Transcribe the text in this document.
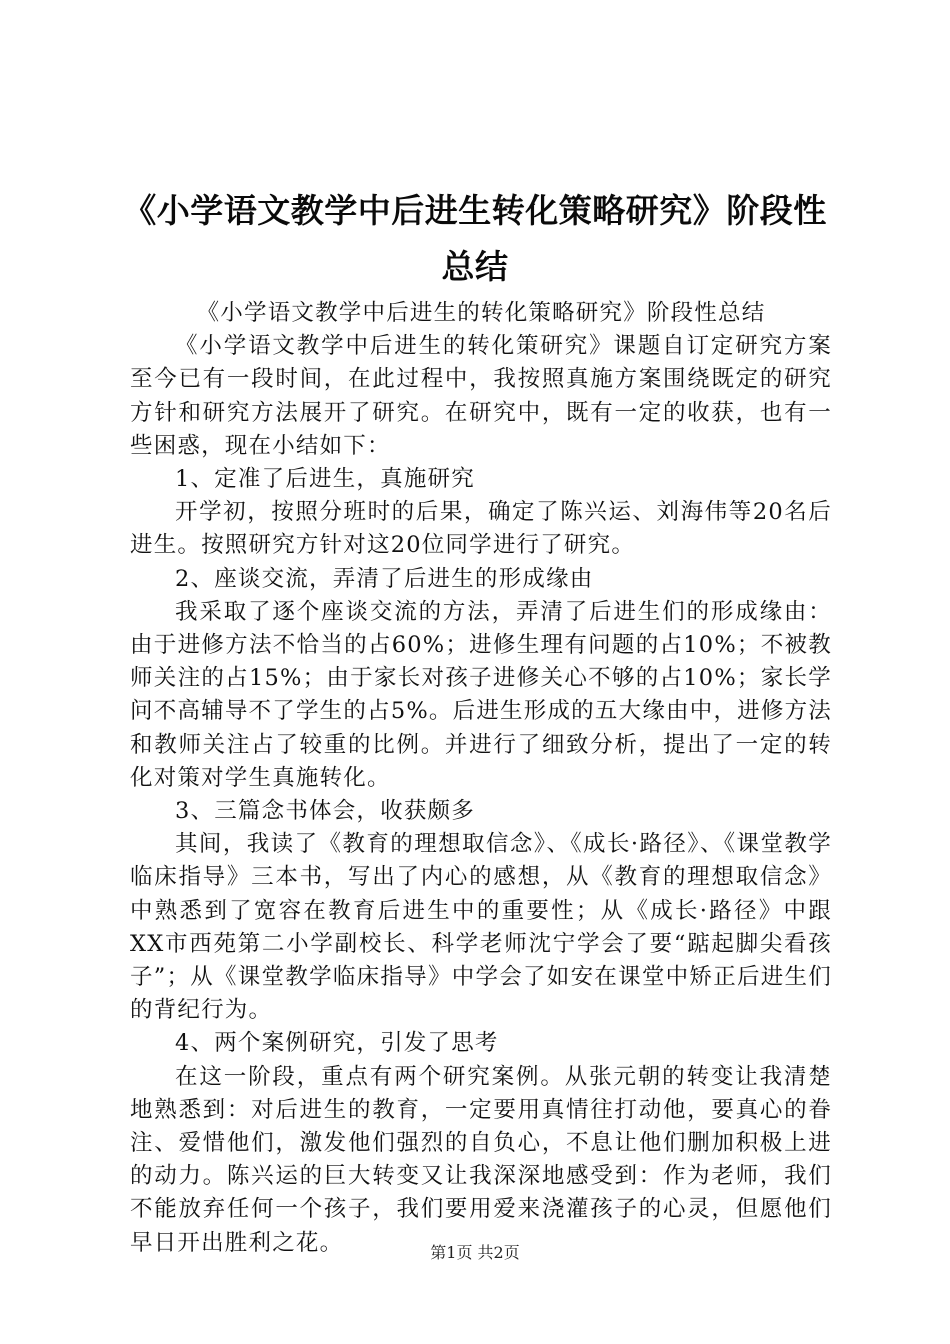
《小学语文教学中后进生转化策略研究》阶段性总结

《小学语文教学中后进生的转化策略研究》阶段性总结

《小学语文教学中后进生的转化策研究》课题自订定研究方案至今已有一段时间，在此过程中，我按照真施方案围绕既定的研究方针和研究方法展开了研究。在研究中，既有一定的收获，也有一些困惑，现在小结如下：

1、定准了后进生，真施研究

开学初，按照分班时的后果，确定了陈兴运、刘海伟等20名后进生。按照研究方针对这20位同学进行了研究。

2、座谈交流，弄清了后进生的形成缘由

我采取了逐个座谈交流的方法，弄清了后进生们的形成缘由：由于进修方法不恰当的占60%；进修生理有问题的占10%；不被教师关注的占15%；由于家长对孩子进修关心不够的占10%；家长学问不高辅导不了学生的占5%。后进生形成的五大缘由中，进修方法和教师关注占了较重的比例。并进行了细致分析，提出了一定的转化对策对学生真施转化。

3、三篇念书体会，收获颇多

其间，我读了《教育的理想取信念》、《成长·路径》、《课堂教学临床指导》三本书，写出了内心的感想，从《教育的理想取信念》中熟悉到了宽容在教育后进生中的重要性；从《成长·路径》中跟XX市西苑第二小学副校长、科学老师沈宁学会了要“踮起脚尖看孩子”；从《课堂教学临床指导》中学会了如安在课堂中矫正后进生们的背纪行为。

4、两个案例研究，引发了思考

在这一阶段，重点有两个研究案例。从张元朝的转变让我清楚地熟悉到：对后进生的教育，一定要用真情往打动他，要真心的眷注、爱惜他们，激发他们强烈的自负心，不息让他们删加积极上进的动力。陈兴运的巨大转变又让我深深地感受到：作为老师，我们不能放弃任何一个孩子，我们要用爱来浇灌孩子的心灵，但愿他们早日开出胜利之花。	第1页 共2页
